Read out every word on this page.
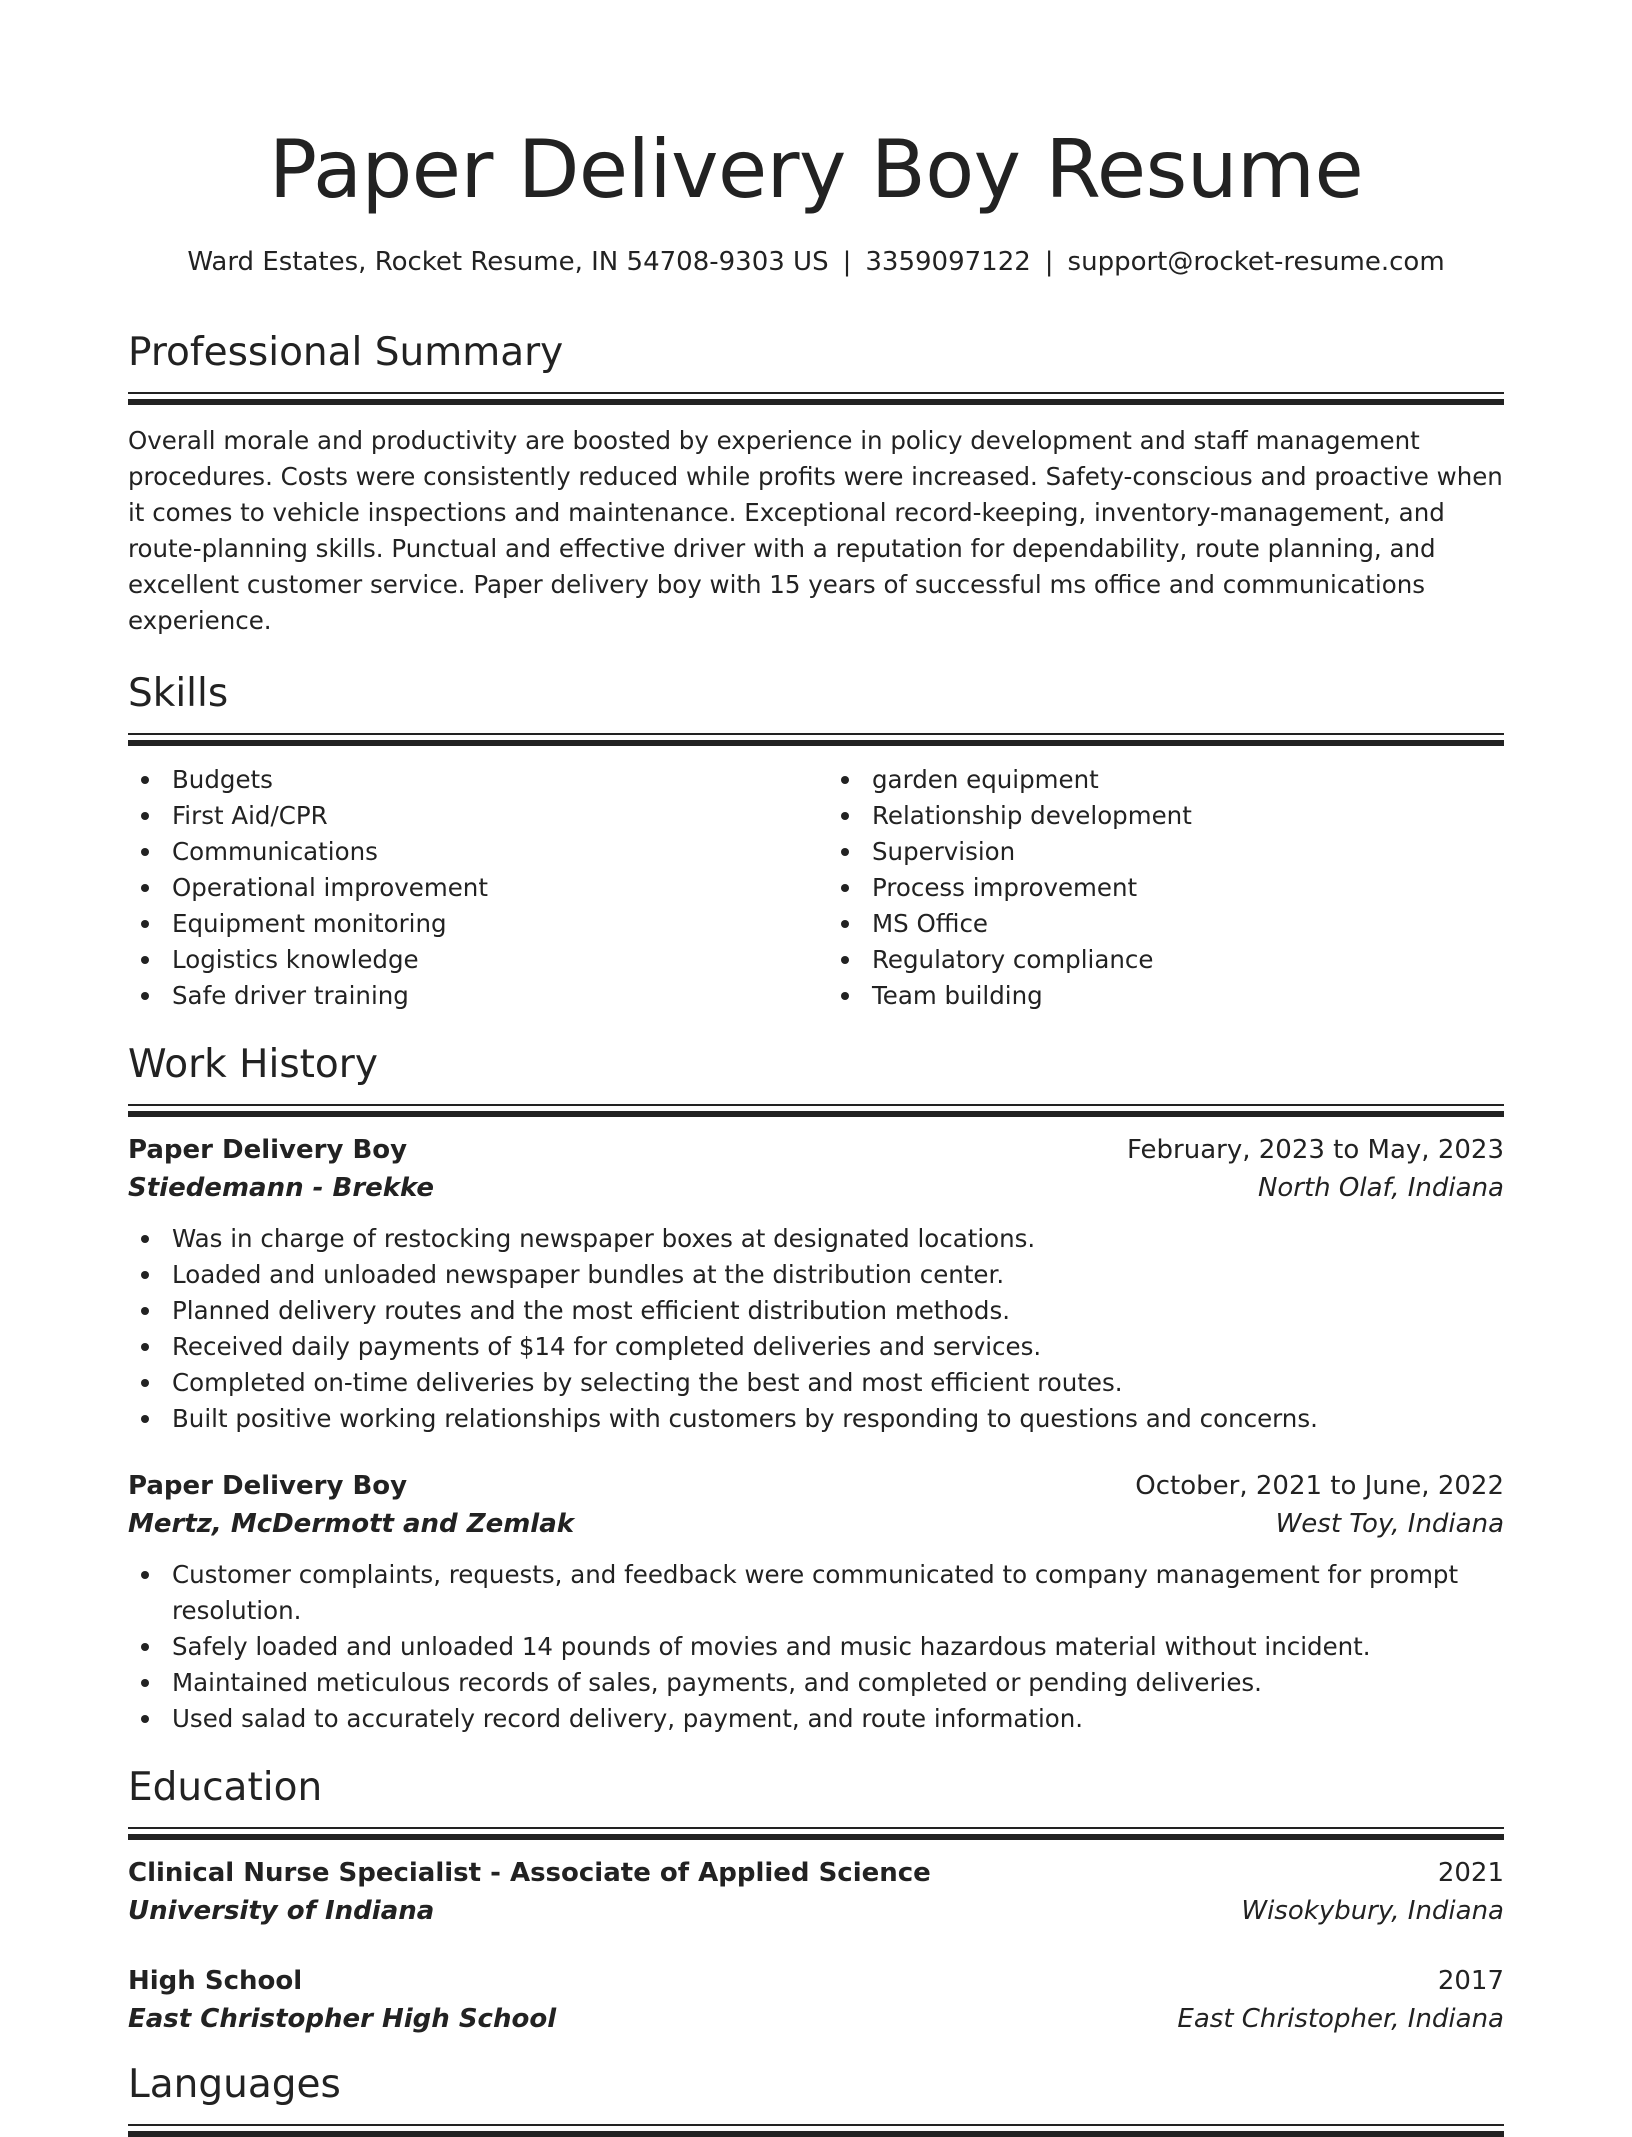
Paper Delivery Boy Resume
Ward Estates, Rocket Resume, IN 54708-9303 US | 3359097122 | support@rocket-resume.com
Professional Summary

Overall morale and productivity are boosted by experience in policy development and staff management procedures. Costs were consistently reduced while profits were increased. Safety-conscious and proactive when it comes to vehicle inspections and maintenance. Exceptional record-keeping, inventory-management, and route-planning skills. Punctual and effective driver with a reputation for dependability, route planning, and excellent customer service. Paper delivery boy with 15 years of successful ms office and communications experience.

Skills
Budgets
First Aid/CPR
Communications
Operational improvement
Equipment monitoring
Logistics knowledge
Safe driver training
garden equipment
Relationship development
Supervision
Process improvement
MS Office
Regulatory compliance
Team building
Work History
Paper Delivery Boy	February, 2023 to May, 2023
Stiedemann - Brekke	North Olaf, Indiana
Was in charge of restocking newspaper boxes at designated locations.
Loaded and unloaded newspaper bundles at the distribution center.
Planned delivery routes and the most efficient distribution methods.
Received daily payments of $14 for completed deliveries and services.
Completed on-time deliveries by selecting the best and most efficient routes.
Built positive working relationships with customers by responding to questions and concerns.
Paper Delivery Boy	October, 2021 to June, 2022
Mertz, McDermott and Zemlak	West Toy, Indiana
Customer complaints, requests, and feedback were communicated to company management for prompt resolution.
Safely loaded and unloaded 14 pounds of movies and music hazardous material without incident.
Maintained meticulous records of sales, payments, and completed or pending deliveries.
Used salad to accurately record delivery, payment, and route information.
Education
Clinical Nurse Specialist - Associate of Applied Science	2021
University of Indiana	Wisokybury, Indiana
High School	2017
East Christopher High School	East Christopher, Indiana
Languages
